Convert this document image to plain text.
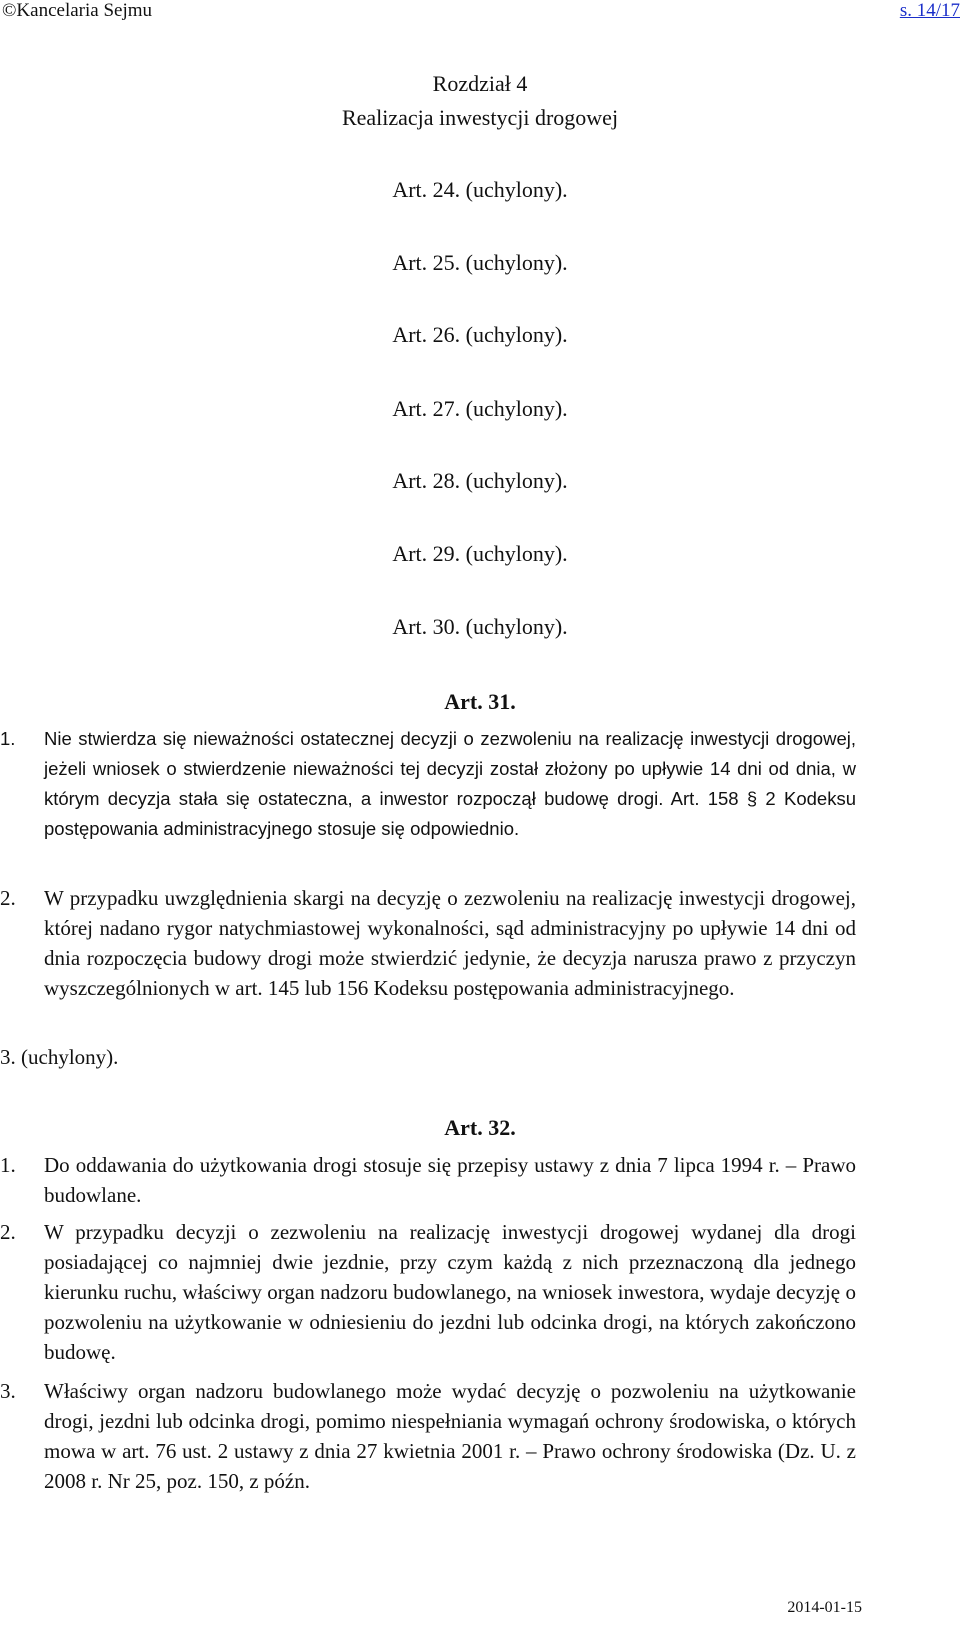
©Kancelaria Sejmu	s. 14/17
Rozdział 4
Realizacja inwestycji drogowej
Art. 24. (uchylony).
Art. 25. (uchylony).
Art. 26. (uchylony).
Art. 27. (uchylony).
Art. 28. (uchylony).
Art. 29. (uchylony).
Art. 30. (uchylony).
Art. 31.
1. Nie stwierdza się nieważności ostatecznej decyzji o zezwoleniu na realizację inwestycji drogowej, jeżeli wniosek o stwierdzenie nieważności tej decyzji został złożony po upływie 14 dni od dnia, w którym decyzja stała się ostateczna, a inwestor rozpoczął budowę drogi. Art. 158 § 2 Kodeksu postępowania administracyjnego stosuje się odpowiednio.
2. W przypadku uwzględnienia skargi na decyzję o zezwoleniu na realizację inwestycji drogowej, której nadano rygor natychmiastowej wykonalności, sąd administracyjny po upływie 14 dni od dnia rozpoczęcia budowy drogi może stwierdzić jedynie, że decyzja narusza prawo z przyczyn wyszczególnionych w art. 145 lub 156 Kodeksu postępowania administracyjnego.
3. (uchylony).
Art. 32.
1. Do oddawania do użytkowania drogi stosuje się przepisy ustawy z dnia 7 lipca 1994 r. – Prawo budowlane.
2. W przypadku decyzji o zezwoleniu na realizację inwestycji drogowej wydanej dla drogi posiadającej co najmniej dwie jezdnie, przy czym każdą z nich przeznaczoną dla jednego kierunku ruchu, właściwy organ nadzoru budowlanego, na wniosek inwestora, wydaje decyzję o pozwoleniu na użytkowanie w odniesieniu do jezdni lub odcinka drogi, na których zakończono budowę.
3. Właściwy organ nadzoru budowlanego może wydać decyzję o pozwoleniu na użytkowanie drogi, jezdni lub odcinka drogi, pomimo niespełniania wymagań ochrony środowiska, o których mowa w art. 76 ust. 2 ustawy z dnia 27 kwietnia 2001 r. – Prawo ochrony środowiska (Dz. U. z 2008 r. Nr 25, poz. 150, z późn.
2014-01-15
